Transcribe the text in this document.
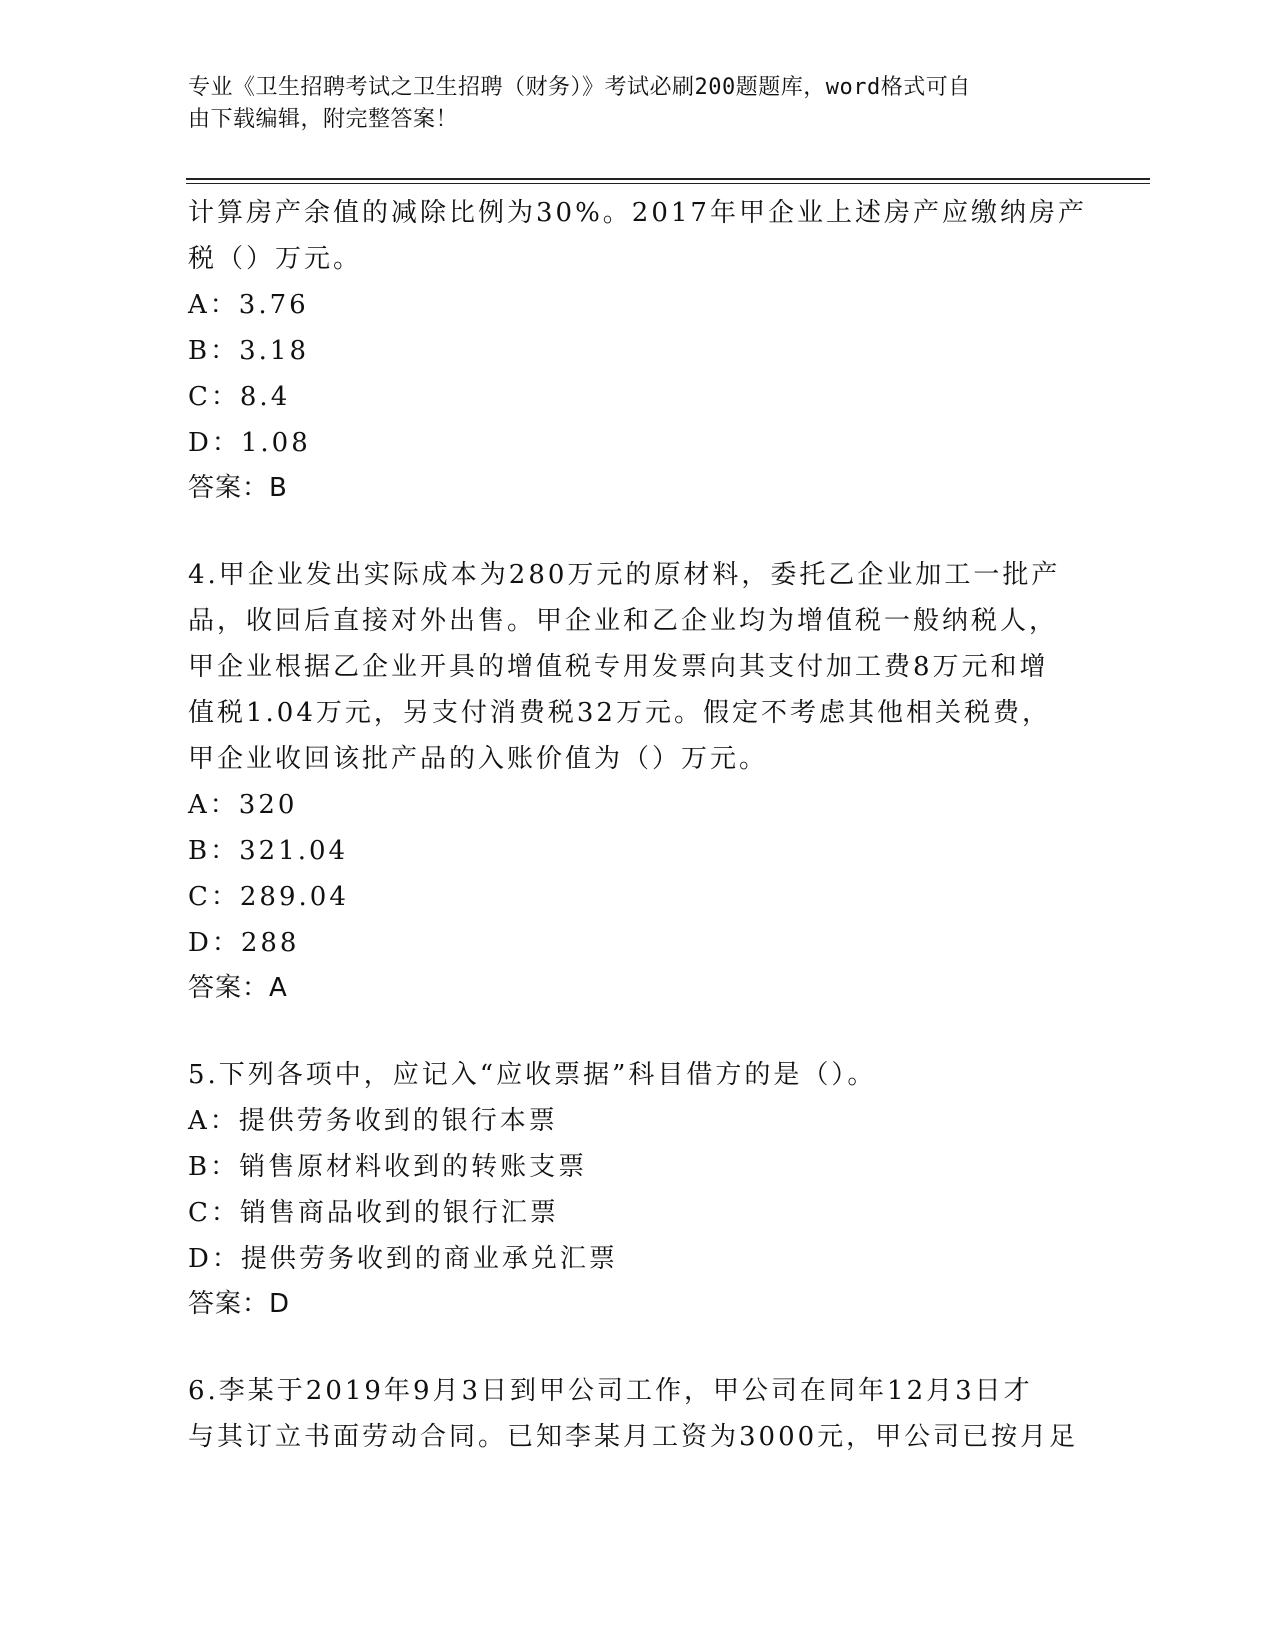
专业《卫生招聘考试之卫生招聘（财务）》考试必刷200题题库，word格式可自
由下载编辑，附完整答案！
计算房产余值的减除比例为30%。2017年甲企业上述房产应缴纳房产
税（）万元。
A：3.76
B：3.18
C：8.4
D：1.08
答案：B
4.甲企业发出实际成本为280万元的原材料，委托乙企业加工一批产
品，收回后直接对外出售。甲企业和乙企业均为增值税一般纳税人，
甲企业根据乙企业开具的增值税专用发票向其支付加工费8万元和增
值税1.04万元，另支付消费税32万元。假定不考虑其他相关税费，
甲企业收回该批产品的入账价值为（）万元。
A：320
B：321.04
C：289.04
D：288
答案：A
5.下列各项中，应记入“应收票据”科目借方的是（）。
A：提供劳务收到的银行本票
B：销售原材料收到的转账支票
C：销售商品收到的银行汇票
D：提供劳务收到的商业承兑汇票
答案：D
6.李某于2019年9月3日到甲公司工作，甲公司在同年12月3日才
与其订立书面劳动合同。已知李某月工资为3000元，甲公司已按月足
